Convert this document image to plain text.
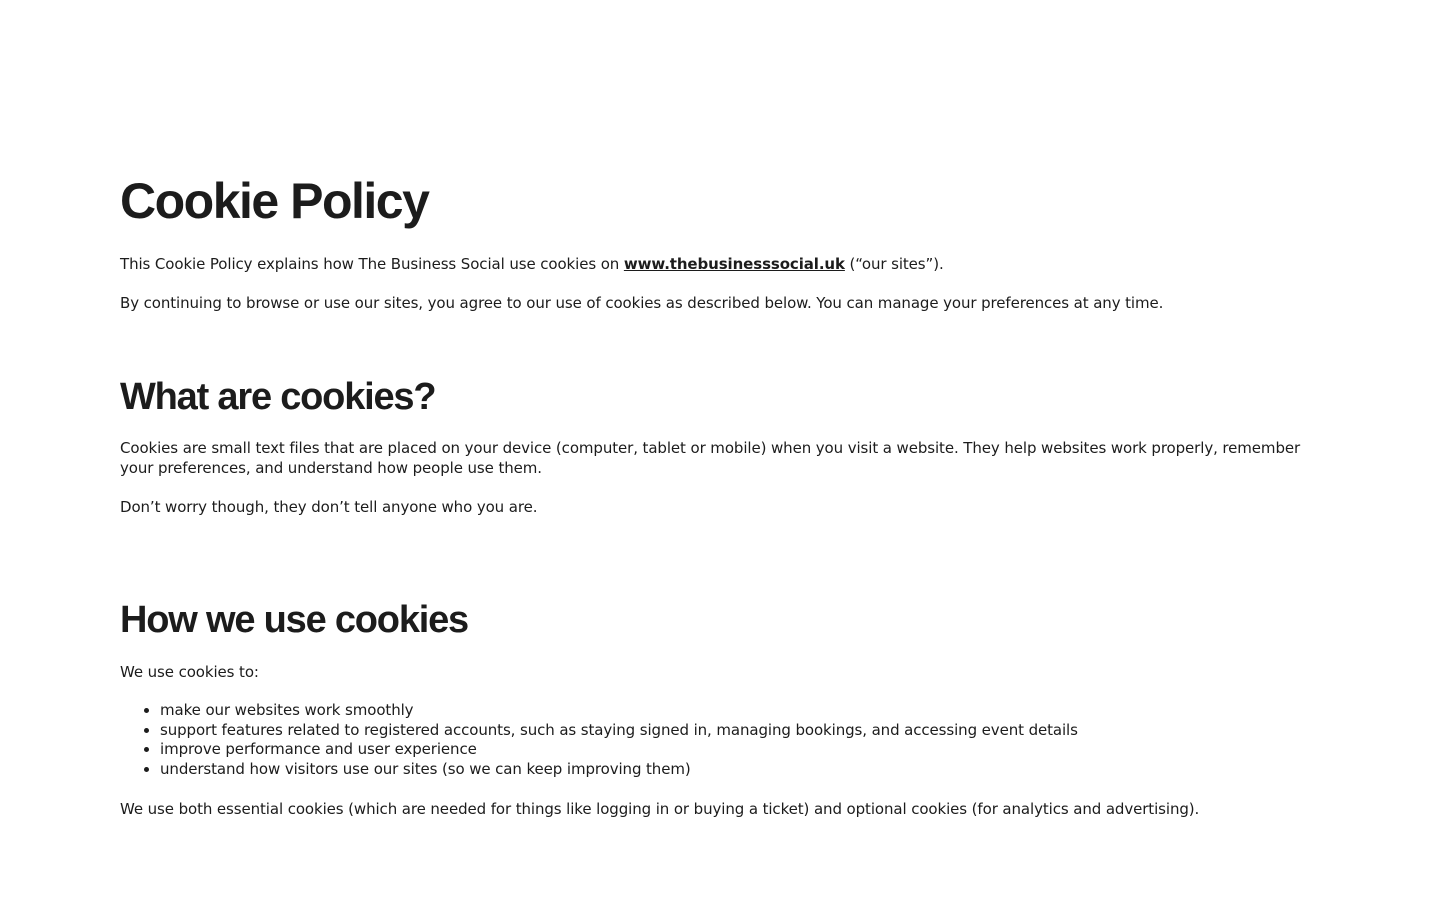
Cookie Policy

This Cookie Policy explains how The Business Social use cookies on www.thebusinesssocial.uk (“our sites”).

By continuing to browse or use our sites, you agree to our use of cookies as described below. You can manage your preferences at any time.

What are cookies?

Cookies are small text files that are placed on your device (computer, tablet or mobile) when you visit a website. They help websites work properly, remember your preferences, and understand how people use them.

Don’t worry though, they don’t tell anyone who you are.

How we use cookies

We use cookies to:

• make our websites work smoothly
• support features related to registered accounts, such as staying signed in, managing bookings, and accessing event details
• improve performance and user experience
• understand how visitors use our sites (so we can keep improving them)

We use both essential cookies (which are needed for things like logging in or buying a ticket) and optional cookies (for analytics and advertising).
